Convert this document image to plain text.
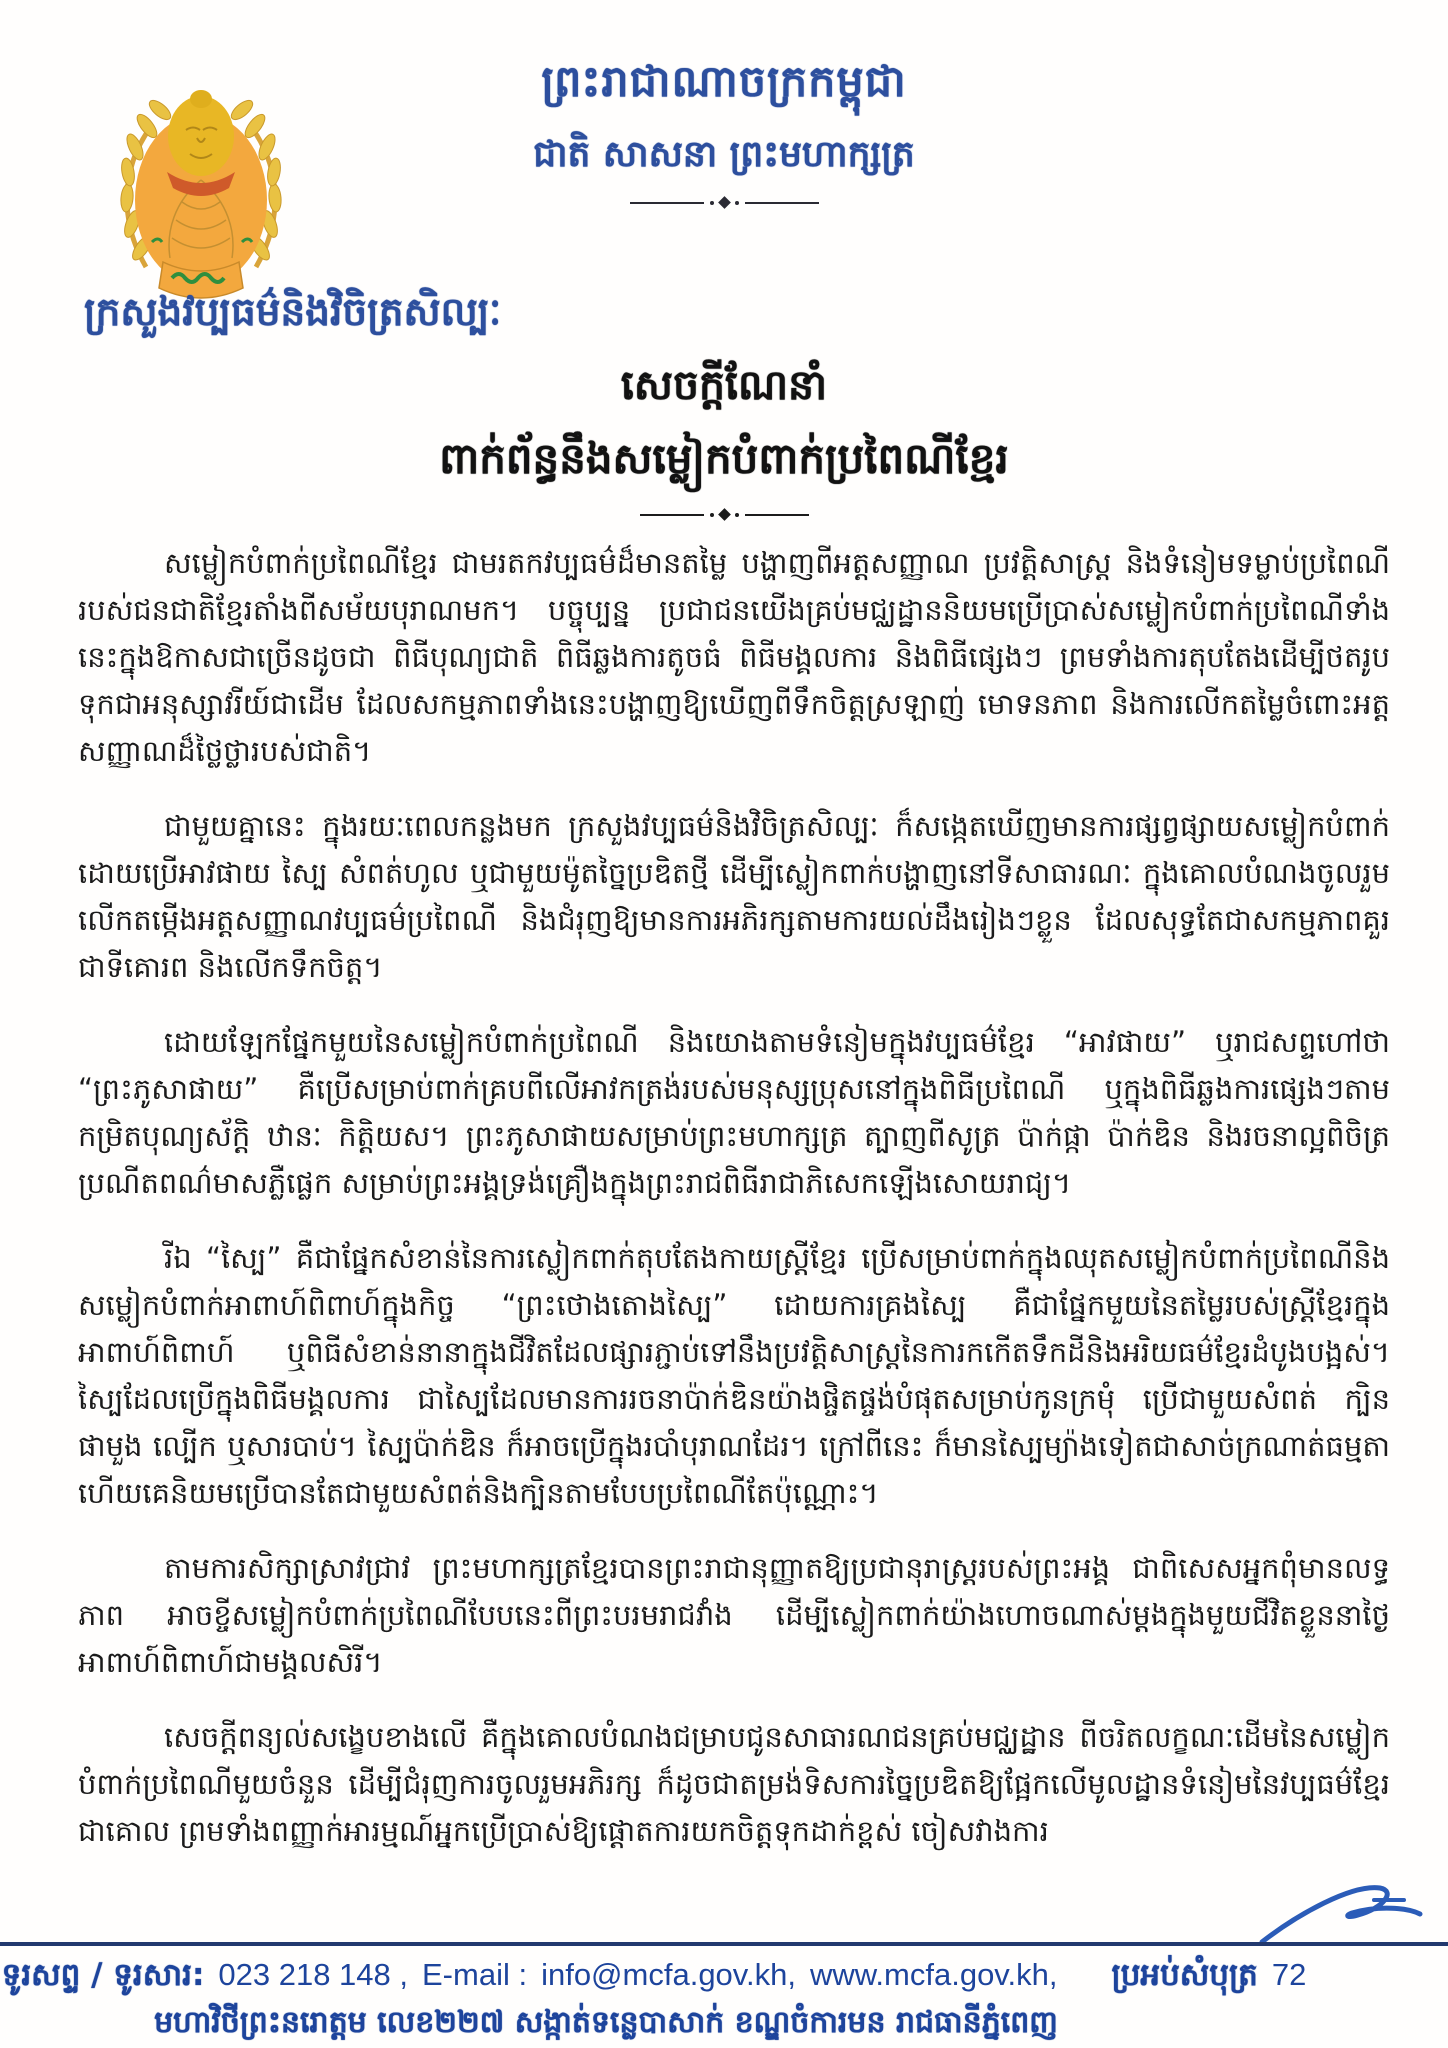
ព្រះរាជាណាចក្រកម្ពុជា
ជាតិ សាសនា ព្រះមហាក្សត្រ
ក្រសួងវប្បធម៌និងវិចិត្រសិល្បៈ
សេចក្តីណែនាំ
ពាក់ព័ន្ធនឹងសម្លៀកបំពាក់ប្រពៃណីខ្មែរ

សម្លៀកបំពាក់ប្រពៃណីខ្មែរ ជាមរតកវប្បធម៌ដ៏មានតម្លៃ បង្ហាញពីអត្តសញ្ញាណ ប្រវត្តិសាស្ត្រ និងទំនៀមទម្លាប់ប្រពៃណីរបស់ជនជាតិខ្មែរតាំងពីសម័យបុរាណមក។ បច្ចុប្បន្ន ប្រជាជនយើងគ្រប់មជ្ឈដ្ឋាននិយមប្រើប្រាស់សម្លៀកបំពាក់ប្រពៃណីទាំងនេះក្នុងឱកាសជាច្រើនដូចជា ពិធីបុណ្យជាតិ ពិធីឆ្លងការតូចធំ ពិធីមង្គលការ និងពិធីផ្សេងៗ ព្រមទាំងការតុបតែងដើម្បីថតរូបទុកជាអនុស្សាវរីយ៍ជាដើម ដែលសកម្មភាពទាំងនេះបង្ហាញឱ្យឃើញពីទឹកចិត្តស្រឡាញ់ មោទនភាព និងការលើកតម្លៃចំពោះអត្តសញ្ញាណដ៏ថ្លៃថ្លារបស់ជាតិ។

ជាមួយគ្នានេះ ក្នុងរយៈពេលកន្លងមក ក្រសួងវប្បធម៌និងវិចិត្រសិល្បៈ ក៏សង្កេតឃើញមានការផ្សព្វផ្សាយសម្លៀកបំពាក់ដោយប្រើអាវផាយ ស្បៃ សំពត់ហូល ឬជាមួយម៉ូតច្នៃប្រឌិតថ្មី ដើម្បីស្លៀកពាក់បង្ហាញនៅទីសាធារណៈ ក្នុងគោលបំណងចូលរួមលើកតម្កើងអត្តសញ្ញាណវប្បធម៌ប្រពៃណី និងជំរុញឱ្យមានការអភិរក្សតាមការយល់ដឹងរៀងៗខ្លួន ដែលសុទ្ធតែជាសកម្មភាពគួរជាទីគោរព និងលើកទឹកចិត្ត។

ដោយឡែកផ្នែកមួយនៃសម្លៀកបំពាក់ប្រពៃណី និងយោងតាមទំនៀមក្នុងវប្បធម៌ខ្មែរ “អាវផាយ” ឬរាជសព្ទហៅថា “ព្រះភូសាផាយ” គឺប្រើសម្រាប់ពាក់គ្របពីលើអាវកត្រង់របស់មនុស្សប្រុសនៅក្នុងពិធីប្រពៃណី ឬក្នុងពិធីឆ្លងការផ្សេងៗតាមកម្រិតបុណ្យស័ក្តិ ឋានៈ កិត្តិយស។ ព្រះភូសាផាយសម្រាប់ព្រះមហាក្សត្រ ត្បាញពីសូត្រ ប៉ាក់ផ្កា ប៉ាក់ឌិន និងរចនាល្អពិចិត្រប្រណីតពណ៌មាសភ្លឺផ្លេក សម្រាប់ព្រះអង្គទ្រង់គ្រឿងក្នុងព្រះរាជពិធីរាជាភិសេកឡើងសោយរាជ្យ។

រីឯ “ស្បៃ” គឺជាផ្នែកសំខាន់នៃការស្លៀកពាក់តុបតែងកាយស្ត្រីខ្មែរ ប្រើសម្រាប់ពាក់ក្នុងឈុតសម្លៀកបំពាក់ប្រពៃណីនិងសម្លៀកបំពាក់អាពាហ៍ពិពាហ៍ក្នុងកិច្ច “ព្រះថោងតោងស្បៃ” ដោយការគ្រងស្បៃ គឺជាផ្នែកមួយនៃតម្លៃរបស់ស្ត្រីខ្មែរក្នុងអាពាហ៍ពិពាហ៍ ឬពិធីសំខាន់នានាក្នុងជីវិតដែលផ្សារភ្ជាប់ទៅនឹងប្រវត្តិសាស្ត្រនៃការកកើតទឹកដីនិងអរិយធម៌ខ្មែរដំបូងបង្អស់។ ស្បៃដែលប្រើក្នុងពិធីមង្គលការ ជាស្បៃដែលមានការរចនាប៉ាក់ឌិនយ៉ាងផ្ចិតផ្ចង់បំផុតសម្រាប់កូនក្រមុំ ប្រើជាមួយសំពត់ ក្បិន ផាមួង ល្បើក ឬសារបាប់។ ស្បៃប៉ាក់ឌិន ក៏អាចប្រើក្នុងរបាំបុរាណដែរ។ ក្រៅពីនេះ ក៏មានស្បៃម្យ៉ាងទៀតជាសាច់ក្រណាត់ធម្មតា ហើយគេនិយមប្រើបានតែជាមួយសំពត់និងក្បិនតាមបែបប្រពៃណីតែប៉ុណ្ណោះ។

តាមការសិក្សាស្រាវជ្រាវ ព្រះមហាក្សត្រខ្មែរបានព្រះរាជានុញ្ញាតឱ្យប្រជានុរាស្ត្ររបស់ព្រះអង្គ ជាពិសេសអ្នកពុំមានលទ្ធភាព អាចខ្ចីសម្លៀកបំពាក់ប្រពៃណីបែបនេះពីព្រះបរមរាជវាំង ដើម្បីស្លៀកពាក់យ៉ាងហោចណាស់ម្តងក្នុងមួយជីវិតខ្លួននាថ្ងៃអាពាហ៍ពិពាហ៍ជាមង្គលសិរី។

សេចក្តីពន្យល់សង្ខេបខាងលើ គឺក្នុងគោលបំណងជម្រាបជូនសាធារណជនគ្រប់មជ្ឈដ្ឋាន ពីចរិតលក្ខណៈដើមនៃសម្លៀកបំពាក់ប្រពៃណីមួយចំនួន ដើម្បីជំរុញការចូលរួមអភិរក្ស ក៏ដូចជាតម្រង់ទិសការច្នៃប្រឌិតឱ្យផ្អែកលើមូលដ្ឋានទំនៀមនៃវប្បធម៌ខ្មែរជាគោល ព្រមទាំងពញ្ញាក់អារម្មណ៍អ្នកប្រើប្រាស់ឱ្យផ្តោតការយកចិត្តទុកដាក់ខ្ពស់ ចៀសវាងការ

ទូរសព្ទ / ទូរសារ: 023 218 148 , E-mail : info@mcfa.gov.kh, www.mcfa.gov.kh, ប្រអប់សំបុត្រ 72
មហាវិថីព្រះនរោត្តម លេខ២២៧ សង្កាត់ទន្លេបាសាក់ ខណ្ឌចំការមន រាជធានីភ្នំពេញ
